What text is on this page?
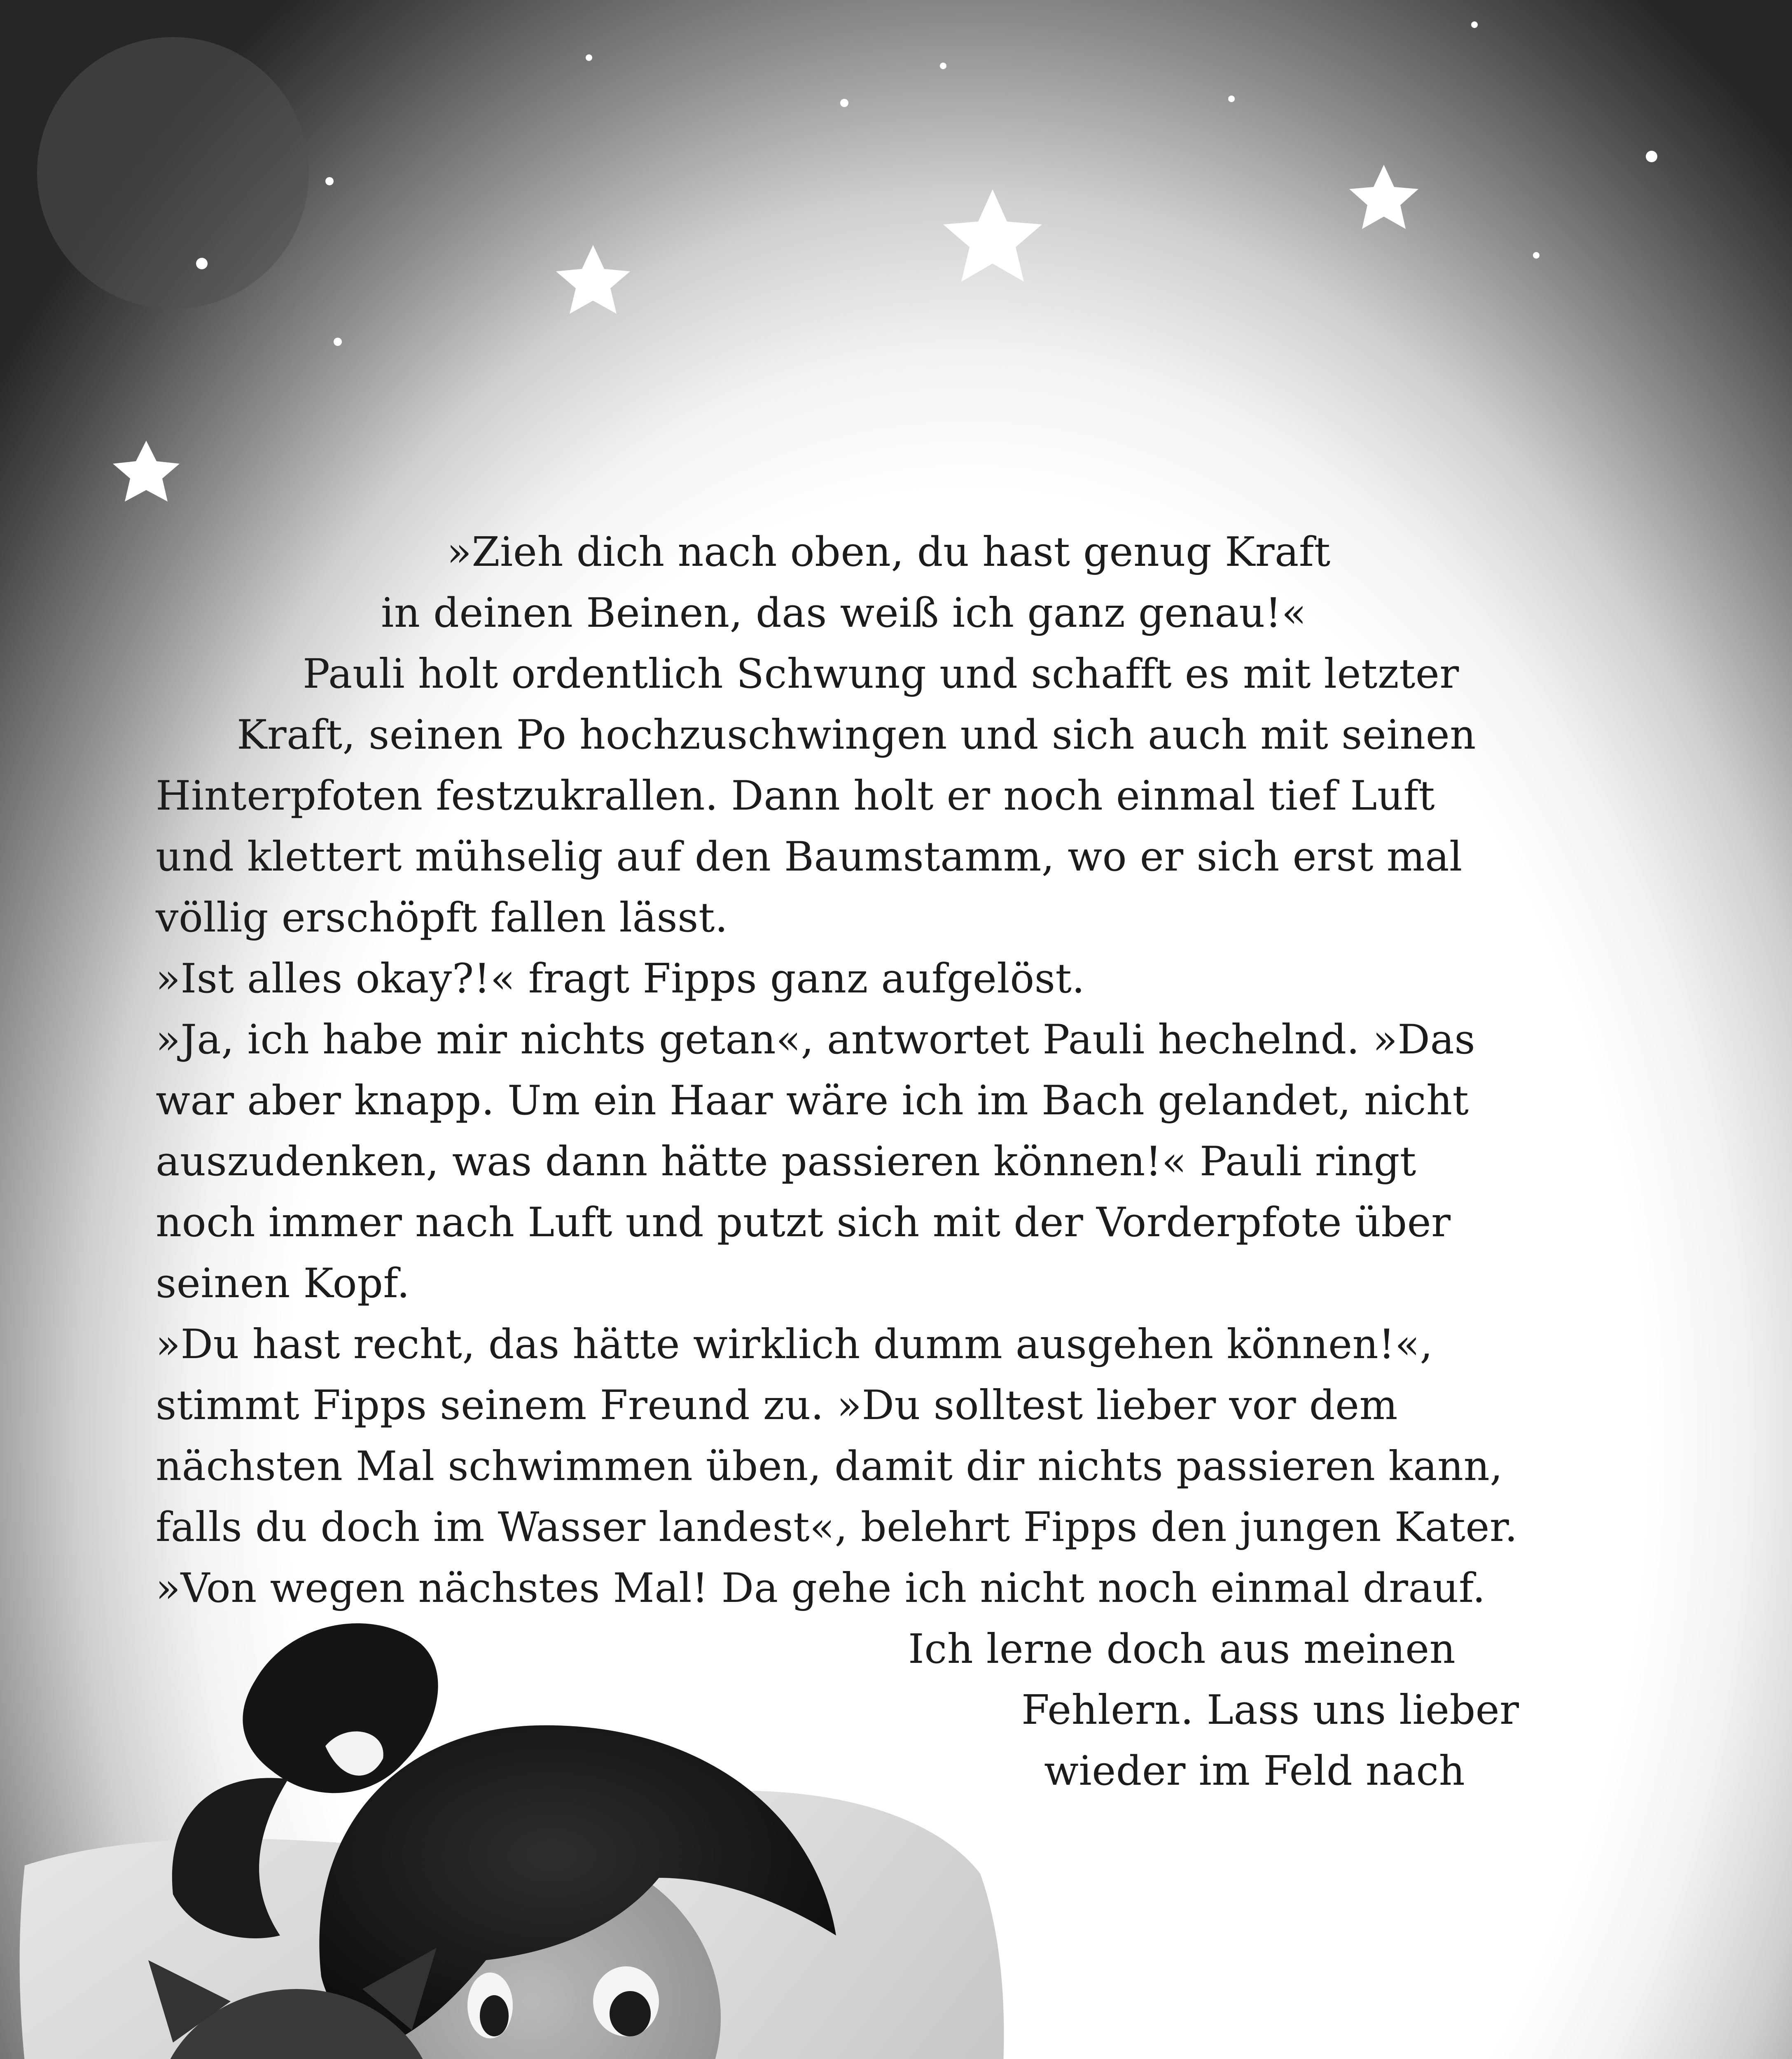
»Zieh dich nach oben, du hast genug Kraft
in deinen Beinen, das weiß ich ganz genau!«
Pauli holt ordentlich Schwung und schafft es mit letzter
Kraft, seinen Po hochzuschwingen und sich auch mit seinen
Hinterpfoten festzukrallen. Dann holt er noch einmal tief Luft
und klettert mühselig auf den Baumstamm, wo er sich erst mal
völlig erschöpft fallen lässt.
»Ist alles okay?!« fragt Fipps ganz aufgelöst.
»Ja, ich habe mir nichts getan«, antwortet Pauli hechelnd. »Das
war aber knapp. Um ein Haar wäre ich im Bach gelandet, nicht
auszudenken, was dann hätte passieren können!« Pauli ringt
noch immer nach Luft und putzt sich mit der Vorderpfote über
seinen Kopf.
»Du hast recht, das hätte wirklich dumm ausgehen können!«,
stimmt Fipps seinem Freund zu. »Du solltest lieber vor dem
nächsten Mal schwimmen üben, damit dir nichts passieren kann,
falls du doch im Wasser landest«, belehrt Fipps den jungen Kater.
»Von wegen nächstes Mal! Da gehe ich nicht noch einmal drauf.
Ich lerne doch aus meinen
Fehlern. Lass uns lieber
wieder im Feld nach
